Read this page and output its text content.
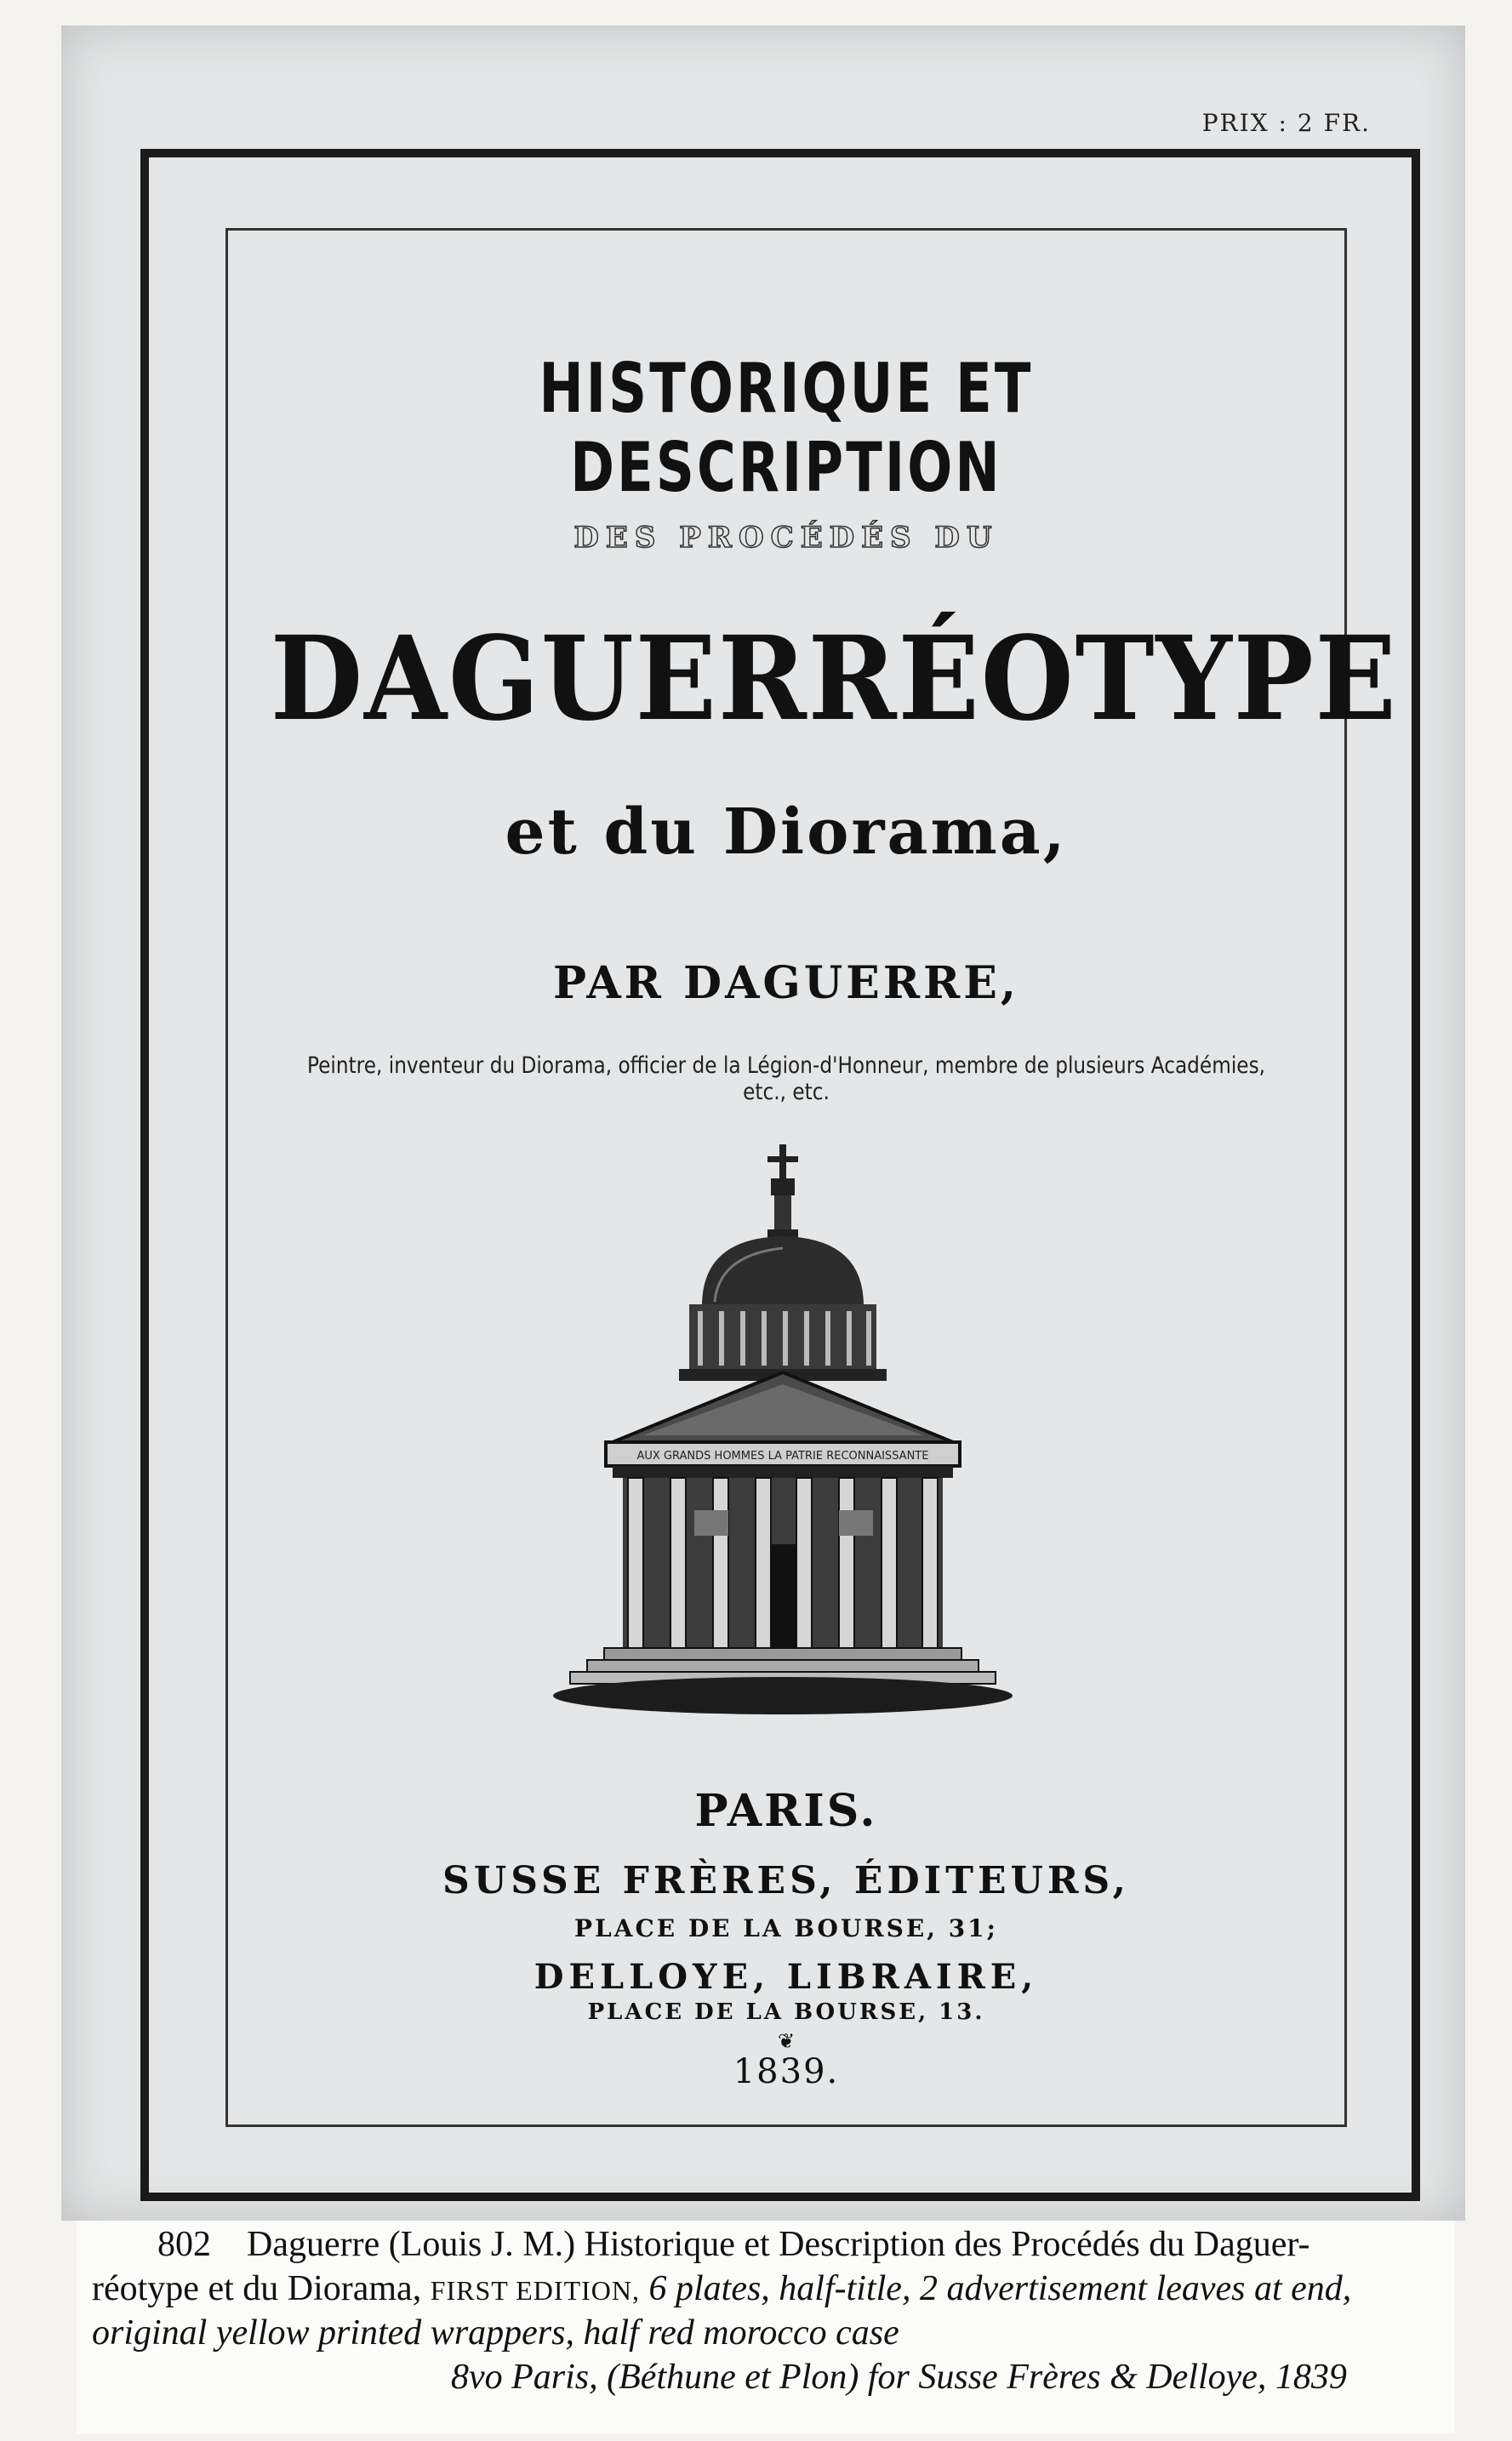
PRIX : 2 FR.
HISTORIQUE ET DESCRIPTION
DES PROCÉDÉS DU
DAGUERRÉOTYPE
et du Diorama,
PAR DAGUERRE,
Peintre, inventeur du Diorama, officier de la Légion-d'Honneur, membre de plusieurs Académies, etc., etc.
AUX GRANDS HOMMES LA PATRIE RECONNAISSANTE
PARIS.
SUSSE FRÈRES, ÉDITEURS,
PLACE DE LA BOURSE, 31;
DELLOYE, LIBRAIRE,
PLACE DE LA BOURSE, 13.
❦
1839.
802 Daguerre (Louis J. M.) Historique et Description des Procédés du Daguer-
réotype et du Diorama, FIRST EDITION, 6 plates, half-title, 2 advertisement leaves at end,
original yellow printed wrappers, half red morocco case
8vo Paris, (Béthune et Plon) for Susse Frères & Delloye, 1839
